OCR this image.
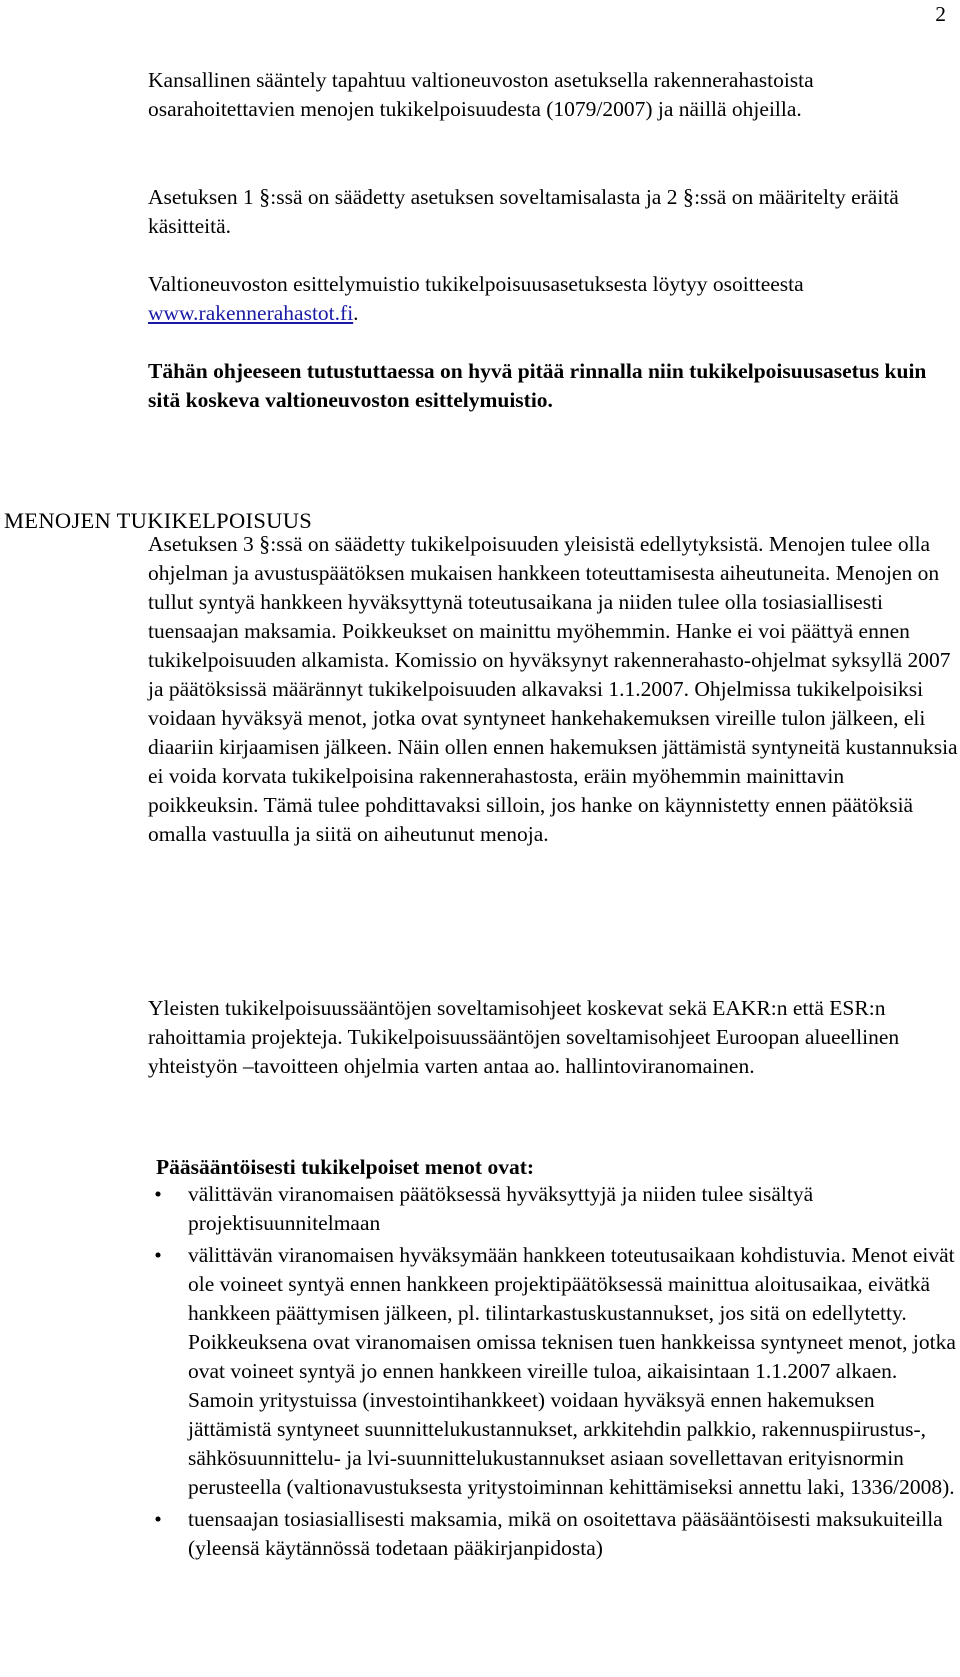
2

Kansallinen sääntely tapahtuu valtioneuvoston asetuksella rakennerahastoista osarahoitettavien menojen tukikelpoisuudesta (1079/2007) ja näillä ohjeilla.

Asetuksen 1 §:ssä on säädetty asetuksen soveltamisalasta ja 2 §:ssä on määritelty eräitä käsitteitä.

Valtioneuvoston esittelymuistio tukikelpoisuusasetuksesta löytyy osoitteesta www.rakennerahastot.fi.

Tähän ohjeeseen tutustuttaessa on hyvä pitää rinnalla niin tukikelpoisuusasetus kuin sitä koskeva valtioneuvoston esittelymuistio.

MENOJEN TUKIKELPOISUUS

Asetuksen 3 §:ssä on säädetty tukikelpoisuuden yleisistä edellytyksistä. Menojen tulee olla ohjelman ja avustuspäätöksen mukaisen hankkeen toteuttamisesta aiheutuneita. Menojen on tullut syntyä hankkeen hyväksyttynä toteutusaikana ja niiden tulee olla tosiasiallisesti tuensaajan maksamia. Poikkeukset on mainittu myöhemmin. Hanke ei voi päättyä ennen tukikelpoisuuden alkamista. Komissio on hyväksynyt rakennerahasto-ohjelmat syksyllä 2007 ja päätöksissä määrännyt tukikelpoisuuden alkavaksi 1.1.2007. Ohjelmissa tukikelpoisiksi voidaan hyväksyä menot, jotka ovat syntyneet hankehakemuksen vireille tulon jälkeen, eli diaariin kirjaamisen jälkeen. Näin ollen ennen hakemuksen jättämistä syntyneitä kustannuksia ei voida korvata tukikelpoisina rakennerahastosta, eräin myöhemmin mainittavin poikkeuksin. Tämä tulee pohdittavaksi silloin, jos hanke on käynnistetty ennen päätöksiä omalla vastuulla ja siitä on aiheutunut menoja.

Yleisten tukikelpoisuussääntöjen soveltamisohjeet koskevat sekä EAKR:n että ESR:n rahoittamia projekteja. Tukikelpoisuussääntöjen soveltamisohjeet Euroopan alueellinen yhteistyön –tavoitteen ohjelmia varten antaa ao. hallintoviranomainen.

Pääsääntöisesti tukikelpoiset menot ovat:
• välittävän viranomaisen päätöksessä hyväksyttyjä ja niiden tulee sisältyä projektisuunnitelmaan
• välittävän viranomaisen hyväksymään hankkeen toteutusaikaan kohdistuvia. Menot eivät ole voineet syntyä ennen hankkeen projektipäätöksessä mainittua aloitusaikaa, eivätkä hankkeen päättymisen jälkeen, pl. tilintarkastuskustannukset, jos sitä on edellytetty. Poikkeuksena ovat viranomaisen omissa teknisen tuen hankkeissa syntyneet menot, jotka ovat voineet syntyä jo ennen hankkeen vireille tuloa, aikaisintaan 1.1.2007 alkaen. Samoin yritystuissa (investointihankkeet) voidaan hyväksyä ennen hakemuksen jättämistä syntyneet suunnittelukustannukset, arkkitehdin palkkio, rakennuspiirustus-, sähkösuunnittelu- ja lvi-suunnittelukustannukset asiaan sovellettavan erityisnormin perusteella (valtionavustuksesta yritystoiminnan kehittämiseksi annettu laki, 1336/2008).
• tuensaajan tosiasiallisesti maksamia, mikä on osoitettava pääsääntöisesti maksukuiteilla (yleensä käytännössä todetaan pääkirjanpidosta)
